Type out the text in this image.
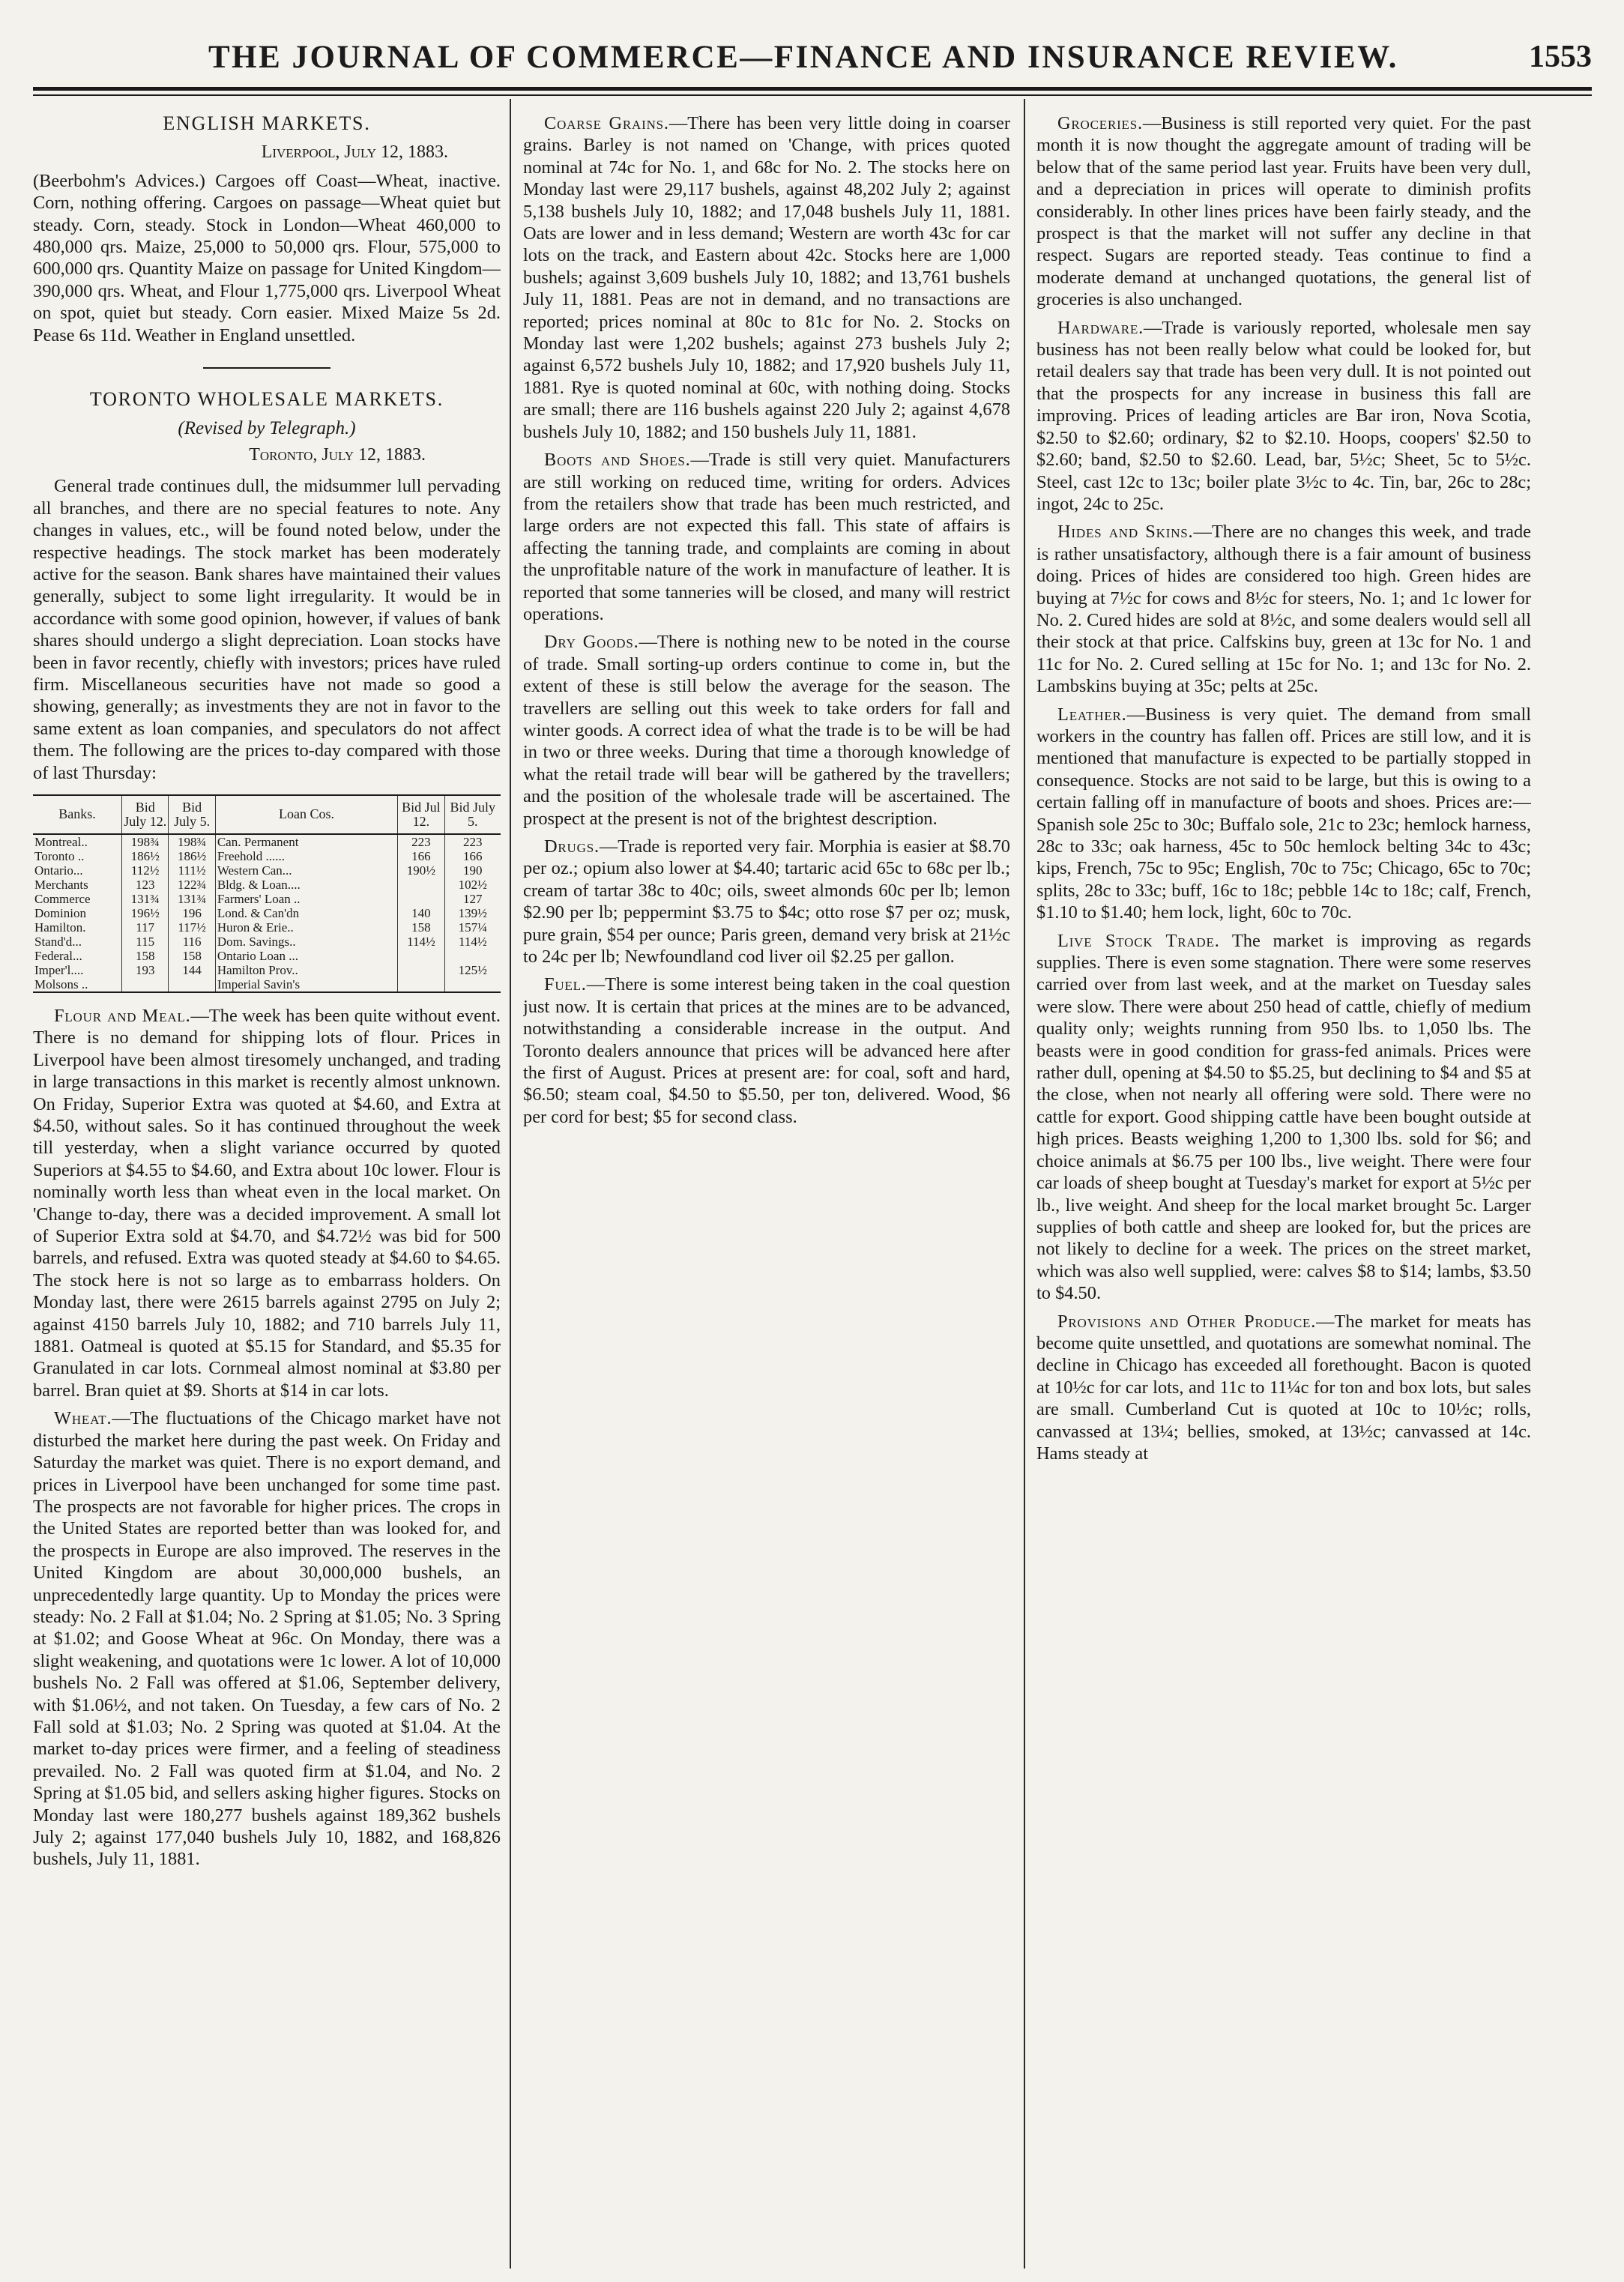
THE JOURNAL OF COMMERCE—FINANCE AND INSURANCE REVIEW.	1553
ENGLISH MARKETS.
Liverpool, July 12, 1883.

(Beerbohm's Advices.) Cargoes off Coast—Wheat, inactive. Corn, nothing offering. Cargoes on passage—Wheat quiet but steady. Corn, steady. Stock in London—Wheat 460,000 to 480,000 qrs. Maize, 25,000 to 50,000 qrs. Flour, 575,000 to 600,000 qrs. Quantity Maize on passage for United Kingdom—390,000 qrs. Wheat, and Flour 1,775,000 qrs. Liverpool Wheat on spot, quiet but steady. Corn easier. Mixed Maize 5s 2d. Pease 6s 11d. Weather in England unsettled.

TORONTO WHOLESALE MARKETS.
(Revised by Telegraph.)
Toronto, July 12, 1883.

General trade continues dull, the midsummer lull pervading all branches, and there are no special features to note. Any changes in values, etc., will be found noted below, under the respective headings. The stock market has been moderately active for the season. Bank shares have maintained their values generally, subject to some light irregularity. It would be in accordance with some good opinion, however, if values of bank shares should undergo a slight depreciation. Loan stocks have been in favor recently, chiefly with investors; prices have ruled firm. Miscellaneous securities have not made so good a showing, generally; as investments they are not in favor to the same extent as loan companies, and speculators do not affect them. The following are the prices to-day compared with those of last Thursday:

Banks.	Bid July 12.	Bid July 5.	Loan Cos.	Bid Jul 12.	Bid July 5.
Montreal..	198¾	198¾	Can. Permanent	223	223
Toronto ..	186½	186½	Freehold ......	166	166
Ontario...	112½	111½	Western Can...	190½	190
Merchants	123	122¾	Bldg. & Loan....		102½
Commerce	131¾	131¾	Farmers' Loan ..		127
Dominion	196½	196	Lond. & Can'dn	140	139½
Hamilton.	117	117½	Huron & Erie..	158	157¼
Stand'd...	115	116	Dom. Savings..	114½	114½
Federal...	158	158	Ontario Loan ...		
Imper'l....	193	144	Hamilton Prov..		125½
Molsons ..			Imperial Savin's		

Flour and Meal.—The week has been quite without event. There is no demand for shipping lots of flour. Prices in Liverpool have been almost tiresomely unchanged, and trading in large transactions in this market is recently almost unknown. On Friday, Superior Extra was quoted at $4.60, and Extra at $4.50, without sales. So it has continued throughout the week till yesterday, when a slight variance occurred by quoted Superiors at $4.55 to $4.60, and Extra about 10c lower. Flour is nominally worth less than wheat even in the local market. On 'Change to-day, there was a decided improvement. A small lot of Superior Extra sold at $4.70, and $4.72½ was bid for 500 barrels, and refused. Extra was quoted steady at $4.60 to $4.65. The stock here is not so large as to embarrass holders. On Monday last, there were 2615 barrels against 2795 on July 2; against 4150 barrels July 10, 1882; and 710 barrels July 11, 1881. Oatmeal is quoted at $5.15 for Standard, and $5.35 for Granulated in car lots. Cornmeal almost nominal at $3.80 per barrel. Bran quiet at $9. Shorts at $14 in car lots.

Wheat.—The fluctuations of the Chicago market have not disturbed the market here during the past week. On Friday and Saturday the market was quiet. There is no export demand, and prices in Liverpool have been unchanged for some time past. The prospects are not favorable for higher prices. The crops in the United States are reported better than was looked for, and the prospects in Europe are also improved. The reserves in the United Kingdom are about 30,000,000 bushels, an unprecedentedly large quantity. Up to Monday the prices were steady: No. 2 Fall at $1.04; No. 2 Spring at $1.05; No. 3 Spring at $1.02; and Goose Wheat at 96c. On Monday, there was a slight weakening, and quotations were 1c lower. A lot of 10,000 bushels No. 2 Fall was offered at $1.06, September delivery, with $1.06½, and not taken. On Tuesday, a few cars of No. 2 Fall sold at $1.03; No. 2 Spring was quoted at $1.04. At the market to-day prices were firmer, and a feeling of steadiness prevailed. No. 2 Fall was quoted firm at $1.04, and No. 2 Spring at $1.05 bid, and sellers asking higher figures. Stocks on Monday last were 180,277 bushels against 189,362 bushels July 2; against 177,040 bushels July 10, 1882, and 168,826 bushels, July 11, 1881.

Coarse Grains.—There has been very little doing in coarser grains. Barley is not named on 'Change, with prices quoted nominal at 74c for No. 1, and 68c for No. 2. The stocks here on Monday last were 29,117 bushels, against 48,202 July 2; against 5,138 bushels July 10, 1882; and 17,048 bushels July 11, 1881. Oats are lower and in less demand; Western are worth 43c for car lots on the track, and Eastern about 42c. Stocks here are 1,000 bushels; against 3,609 bushels July 10, 1882; and 13,761 bushels July 11, 1881. Peas are not in demand, and no transactions are reported; prices nominal at 80c to 81c for No. 2. Stocks on Monday last were 1,202 bushels; against 273 bushels July 2; against 6,572 bushels July 10, 1882; and 17,920 bushels July 11, 1881. Rye is quoted nominal at 60c, with nothing doing. Stocks are small; there are 116 bushels against 220 July 2; against 4,678 bushels July 10, 1882; and 150 bushels July 11, 1881.

Boots and Shoes.—Trade is still very quiet. Manufacturers are still working on reduced time, writing for orders. Advices from the retailers show that trade has been much restricted, and large orders are not expected this fall. This state of affairs is affecting the tanning trade, and complaints are coming in about the unprofitable nature of the work in manufacture of leather. It is reported that some tanneries will be closed, and many will restrict operations.

Dry Goods.—There is nothing new to be noted in the course of trade. Small sorting-up orders continue to come in, but the extent of these is still below the average for the season. The travellers are selling out this week to take orders for fall and winter goods. A correct idea of what the trade is to be will be had in two or three weeks. During that time a thorough knowledge of what the retail trade will bear will be gathered by the travellers; and the position of the wholesale trade will be ascertained. The prospect at the present is not of the brightest description.

Drugs.—Trade is reported very fair. Morphia is easier at $8.70 per oz.; opium also lower at $4.40; tartaric acid 65c to 68c per lb.; cream of tartar 38c to 40c; oils, sweet almonds 60c per lb; lemon $2.90 per lb; peppermint $3.75 to $4c; otto rose $7 per oz; musk, pure grain, $54 per ounce; Paris green, demand very brisk at 21½c to 24c per lb; Newfoundland cod liver oil $2.25 per gallon.

Fuel.—There is some interest being taken in the coal question just now. It is certain that prices at the mines are to be advanced, notwithstanding a considerable increase in the output. And Toronto dealers announce that prices will be advanced here after the first of August. Prices at present are: for coal, soft and hard, $6.50; steam coal, $4.50 to $5.50, per ton, delivered. Wood, $6 per cord for best; $5 for second class.

Groceries.—Business is still reported very quiet. For the past month it is now thought the aggregate amount of trading will be below that of the same period last year. Fruits have been very dull, and a depreciation in prices will operate to diminish profits considerably. In other lines prices have been fairly steady, and the prospect is that the market will not suffer any decline in that respect. Sugars are reported steady. Teas continue to find a moderate demand at unchanged quotations, the general list of groceries is also unchanged.

Hardware.—Trade is variously reported, wholesale men say business has not been really below what could be looked for, but retail dealers say that trade has been very dull. It is not pointed out that the prospects for any increase in business this fall are improving. Prices of leading articles are Bar iron, Nova Scotia, $2.50 to $2.60; ordinary, $2 to $2.10. Hoops, coopers' $2.50 to $2.60; band, $2.50 to $2.60. Lead, bar, 5½c; Sheet, 5c to 5½c. Steel, cast 12c to 13c; boiler plate 3½c to 4c. Tin, bar, 26c to 28c; ingot, 24c to 25c.

Hides and Skins.—There are no changes this week, and trade is rather unsatisfactory, although there is a fair amount of business doing. Prices of hides are considered too high. Green hides are buying at 7½c for cows and 8½c for steers, No. 1; and 1c lower for No. 2. Cured hides are sold at 8½c, and some dealers would sell all their stock at that price. Calfskins buy, green at 13c for No. 1 and 11c for No. 2. Cured selling at 15c for No. 1; and 13c for No. 2. Lambskins buying at 35c; pelts at 25c.

Leather.—Business is very quiet. The demand from small workers in the country has fallen off. Prices are still low, and it is mentioned that manufacture is expected to be partially stopped in consequence. Stocks are not said to be large, but this is owing to a certain falling off in manufacture of boots and shoes. Prices are:—Spanish sole 25c to 30c; Buffalo sole, 21c to 23c; hemlock harness, 28c to 33c; oak harness, 45c to 50c hemlock belting 34c to 43c; kips, French, 75c to 95c; English, 70c to 75c; Chicago, 65c to 70c; splits, 28c to 33c; buff, 16c to 18c; pebble 14c to 18c; calf, French, $1.10 to $1.40; hem lock, light, 60c to 70c.

Live Stock Trade. The market is improving as regards supplies. There is even some stagnation. There were some reserves carried over from last week, and at the market on Tuesday sales were slow. There were about 250 head of cattle, chiefly of medium quality only; weights running from 950 lbs. to 1,050 lbs. The beasts were in good condition for grass-fed animals. Prices were rather dull, opening at $4.50 to $5.25, but declining to $4 and $5 at the close, when not nearly all offering were sold. There were no cattle for export. Good shipping cattle have been bought outside at high prices. Beasts weighing 1,200 to 1,300 lbs. sold for $6; and choice animals at $6.75 per 100 lbs., live weight. There were four car loads of sheep bought at Tuesday's market for export at 5½c per lb., live weight. And sheep for the local market brought 5c. Larger supplies of both cattle and sheep are looked for, but the prices are not likely to decline for a week. The prices on the street market, which was also well supplied, were: calves $8 to $14; lambs, $3.50 to $4.50.

Provisions and Other Produce.—The market for meats has become quite unsettled, and quotations are somewhat nominal. The decline in Chicago has exceeded all forethought. Bacon is quoted at 10½c for car lots, and 11c to 11¼c for ton and box lots, but sales are small. Cumberland Cut is quoted at 10c to 10½c; rolls, canvassed at 13¼; bellies, smoked, at 13½c; canvassed at 14c. Hams steady at
